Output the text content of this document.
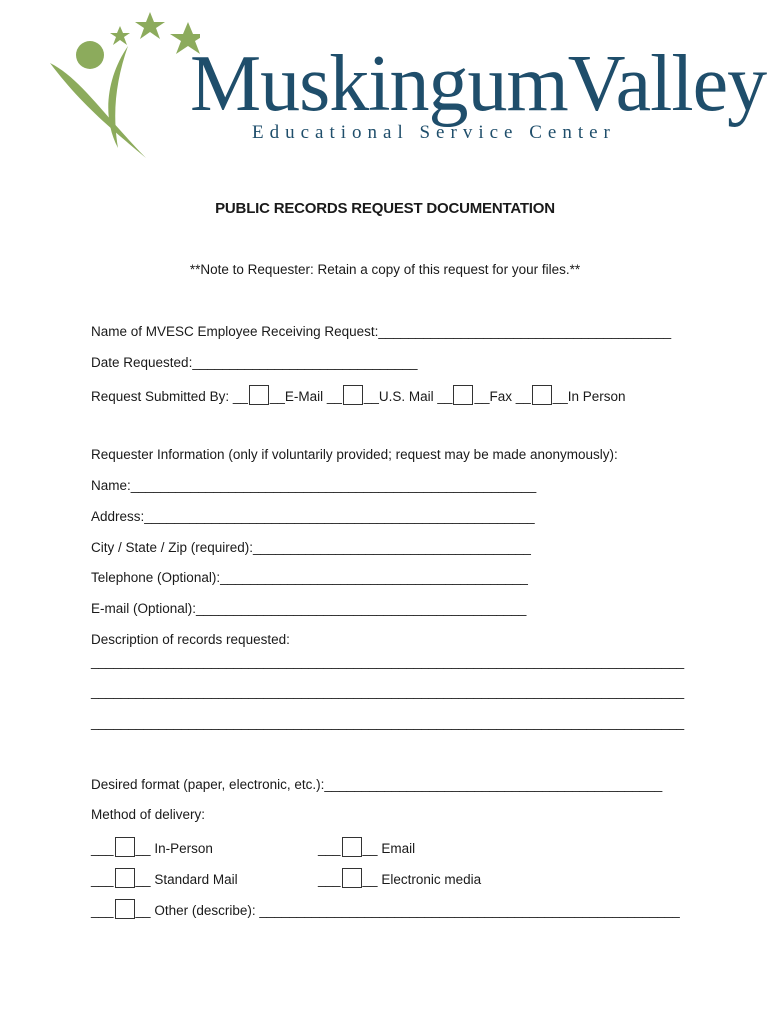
MuskingumValley
Educational Service Center
PUBLIC RECORDS REQUEST DOCUMENTATION
**Note to Requester: Retain a copy of this request for your files.**
Name of MVESC Employee Receiving Request:_______________________________________
Date Requested:______________________________
Request Submitted By: __ __E-Mail __ __U.S. Mail __ __Fax __ __In Person
Requester Information (only if voluntarily provided; request may be made anonymously):
Name:______________________________________________________
Address:____________________________________________________
City / State / Zip (required):_____________________________________
Telephone (Optional):_________________________________________
E-mail (Optional):____________________________________________
Description of records requested:
_______________________________________________________________________________
_______________________________________________________________________________
_______________________________________________________________________________
Desired format (paper, electronic, etc.):_____________________________________________
Method of delivery:
___ __ In-Person	___ __ Email
___ __ Standard Mail	___ __ Electronic media
___ __ Other (describe): ________________________________________________________
